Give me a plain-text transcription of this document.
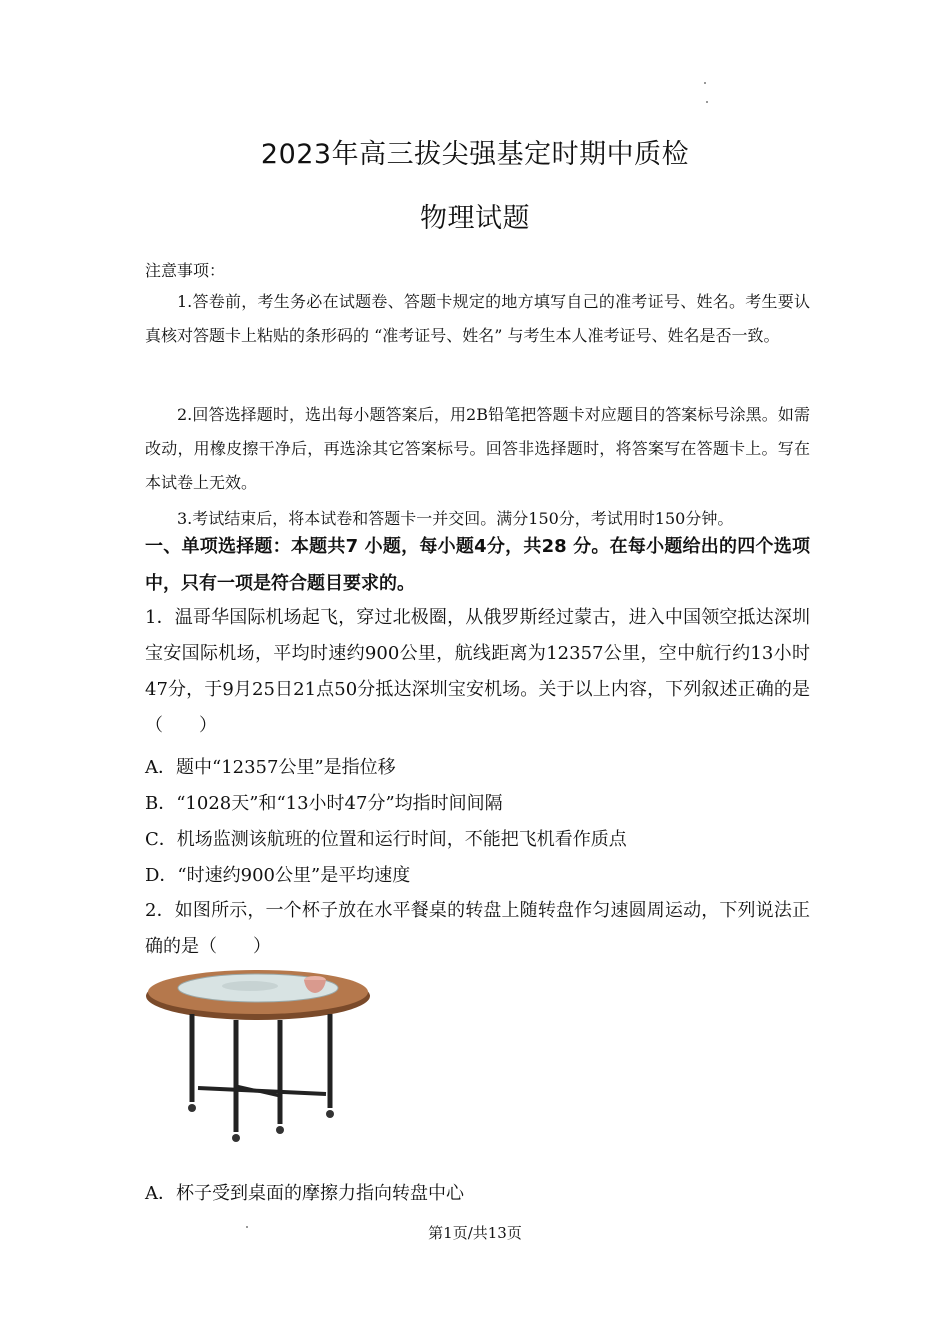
2023年高三拔尖强基定时期中质检
物理试题
注意事项：
1.答卷前，考生务必在试题卷、答题卡规定的地方填写自己的准考证号、姓名。考生要认真核对答题卡上粘贴的条形码的 “准考证号、姓名” 与考生本人准考证号、姓名是否一致。
2.回答选择题时，选出每小题答案后，用2B铅笔把答题卡对应题目的答案标号涂黑。如需改动，用橡皮擦干净后，再选涂其它答案标号。回答非选择题时，将答案写在答题卡上。写在本试卷上无效。
3.考试结束后，将本试卷和答题卡一并交回。满分150分，考试用时150分钟。
一、单项选择题：本题共7 小题，每小题4分，共28 分。在每小题给出的四个选项中，只有一项是符合题目要求的。
1．温哥华国际机场起飞，穿过北极圈，从俄罗斯经过蒙古，进入中国领空抵达深圳宝安国际机场，平均时速约900公里，航线距离为12357公里，空中航行约13小时47分，于9月25日21点50分抵达深圳宝安机场。关于以上内容，下列叙述正确的是（　　）
A．题中“12357公里”是指位移
B．“1028天”和“13小时47分”均指时间间隔
C．机场监测该航班的位置和运行时间，不能把飞机看作质点
D．“时速约900公里”是平均速度
2．如图所示，一个杯子放在水平餐桌的转盘上随转盘作匀速圆周运动，下列说法正确的是（　　）
A．杯子受到桌面的摩擦力指向转盘中心
第1页/共13页
